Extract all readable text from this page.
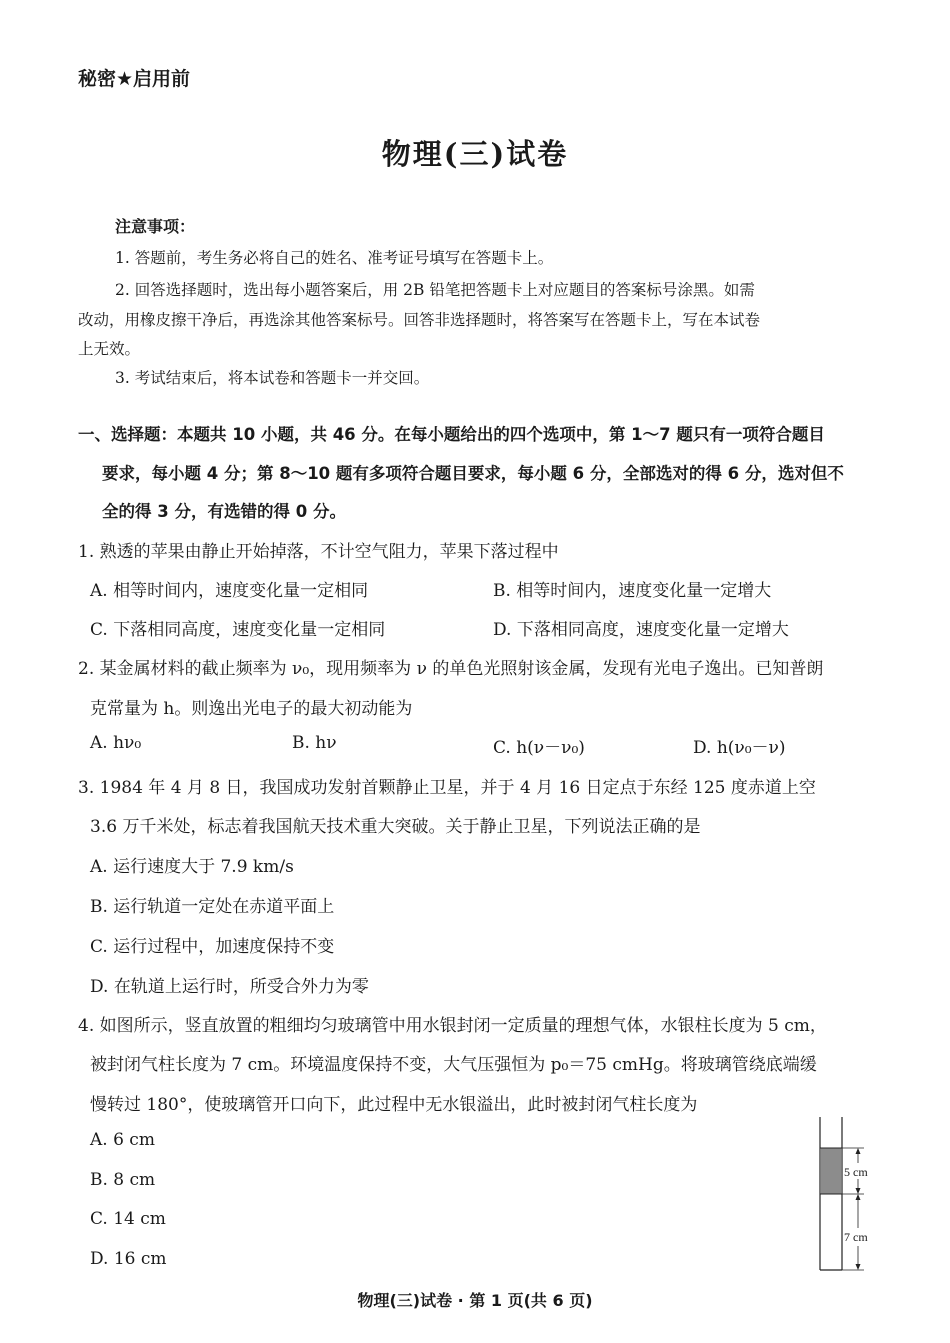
秘密★启用前
物理(三)试卷
注意事项：
1. 答题前，考生务必将自己的姓名、准考证号填写在答题卡上。
2. 回答选择题时，选出每小题答案后，用 2B 铅笔把答题卡上对应题目的答案标号涂黑。如需
改动，用橡皮擦干净后，再选涂其他答案标号。回答非选择题时，将答案写在答题卡上，写在本试卷
上无效。
3. 考试结束后，将本试卷和答题卡一并交回。
一、选择题：本题共 10 小题，共 46 分。在每小题给出的四个选项中，第 1～7 题只有一项符合题目
要求，每小题 4 分；第 8～10 题有多项符合题目要求，每小题 6 分，全部选对的得 6 分，选对但不
全的得 3 分，有选错的得 0 分。
1. 熟透的苹果由静止开始掉落，不计空气阻力，苹果下落过程中
A. 相等时间内，速度变化量一定相同	B. 相等时间内，速度变化量一定增大
C. 下落相同高度，速度变化量一定相同	D. 下落相同高度，速度变化量一定增大
2. 某金属材料的截止频率为 ν₀，现用频率为 ν 的单色光照射该金属，发现有光电子逸出。已知普朗
克常量为 h。则逸出光电子的最大初动能为
A. hν₀	B. hν	C. h(ν－ν₀)	D. h(ν₀－ν)
3. 1984 年 4 月 8 日，我国成功发射首颗静止卫星，并于 4 月 16 日定点于东经 125 度赤道上空
3.6 万千米处，标志着我国航天技术重大突破。关于静止卫星，下列说法正确的是
A. 运行速度大于 7.9 km/s
B. 运行轨道一定处在赤道平面上
C. 运行过程中，加速度保持不变
D. 在轨道上运行时，所受合外力为零
4. 如图所示，竖直放置的粗细均匀玻璃管中用水银封闭一定质量的理想气体，水银柱长度为 5 cm，
被封闭气柱长度为 7 cm。环境温度保持不变，大气压强恒为 p₀＝75 cmHg。将玻璃管绕底端缓
慢转过 180°，使玻璃管开口向下，此过程中无水银溢出，此时被封闭气柱长度为
A. 6 cm
B. 8 cm
C. 14 cm
D. 16 cm
5 cm
7 cm
物理(三)试卷 · 第 1 页(共 6 页)
